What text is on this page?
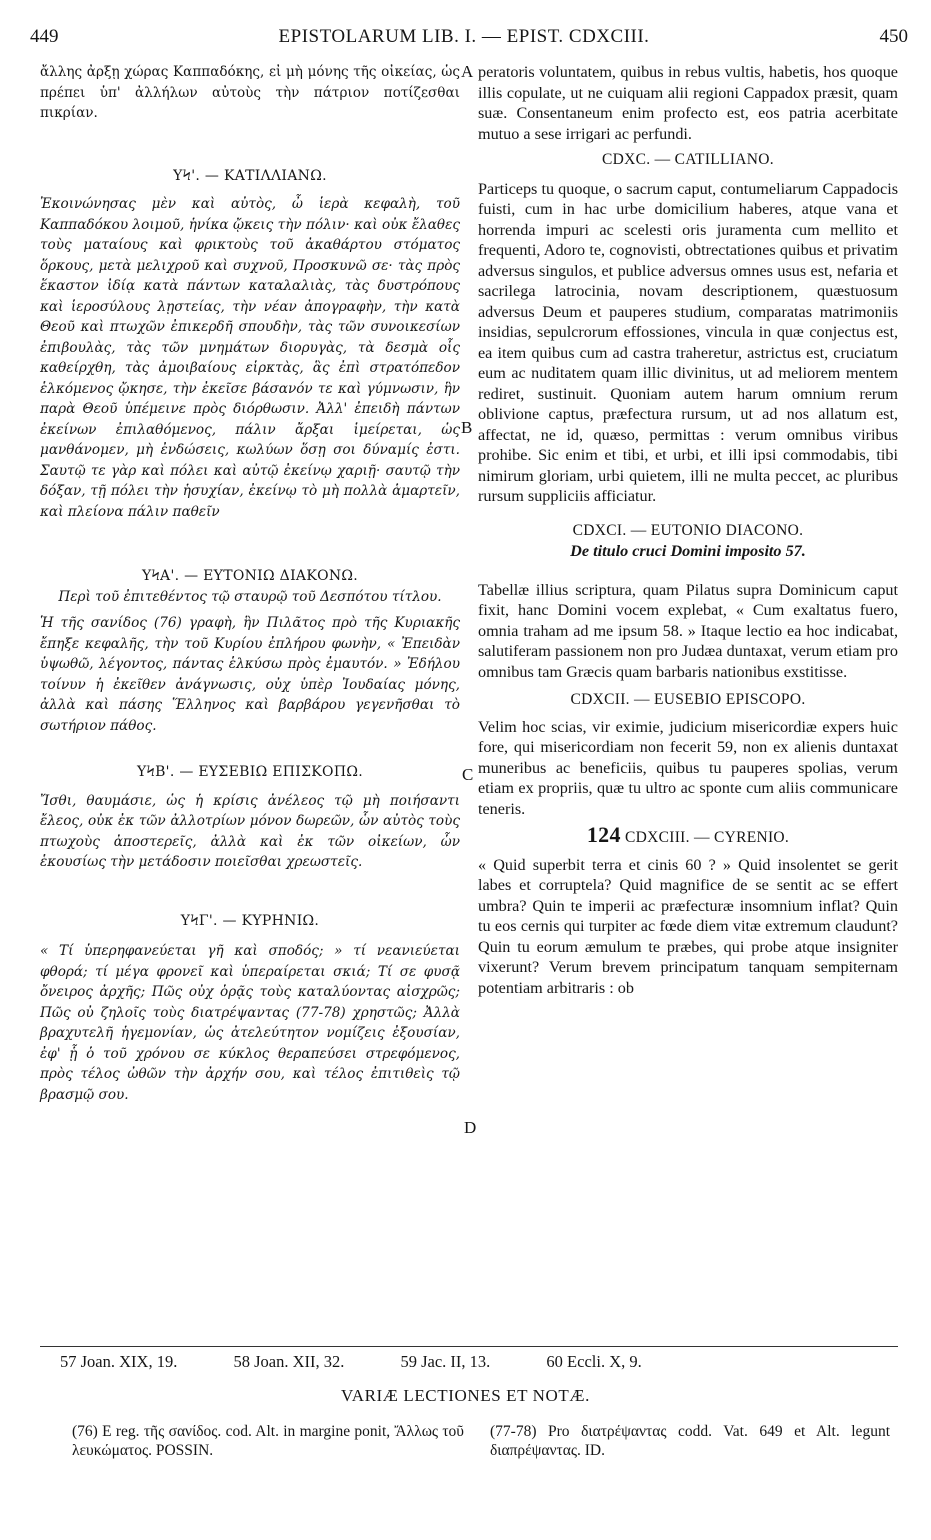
449	EPISTOLARUM LIB. I. — EPIST. CDXCIII.	450
A
B
C
D

ἄλλης ἀρξῃ χώρας Καππαδόκης, εἰ μὴ μόνης τῆς οἰκείας, ὡς πρέπει ὑπ' ἀλλήλων αὐτοὺς τὴν πάτριον ποτίζεσθαι πικρίαν.

ΥϞ'. — ΚΑΤΙΛΛΙΑΝΩ.

Ἐκοινώνησας μὲν καὶ αὐτὸς, ὦ ἱερὰ κεφαλὴ, τοῦ Καππαδόκου λοιμοῦ, ἡνίκα ᾤκεις τὴν πόλιν· καὶ οὐκ ἔλαθες τοὺς ματαίους καὶ φρικτοὺς τοῦ ἀκαθάρτου στόματος ὅρκους, μετὰ μελιχροῦ καὶ συχνοῦ, Προσκυνῶ σε· τὰς πρὸς ἕκαστον ἰδίᾳ κατὰ πάντων καταλαλιὰς, τὰς δυστρόπους καὶ ἱεροσύλους λῃστείας, τὴν νέαν ἀπογραφὴν, τὴν κατὰ Θεοῦ καὶ πτωχῶν ἐπικερδῆ σπουδὴν, τὰς τῶν συνοικεσίων ἐπιβουλὰς, τὰς τῶν μνημάτων διορυγὰς, τὰ δεσμὰ οἷς καθείρχθη, τὰς ἀμοιβαίους εἱρκτὰς, ἃς ἐπὶ στρατόπεδον ἑλκόμενος ᾤκησε, τὴν ἐκεῖσε βάσανόν τε καὶ γύμνωσιν, ἣν παρὰ Θεοῦ ὑπέμεινε πρὸς διόρθωσιν. Ἀλλ' ἐπειδὴ πάντων ἐκείνων ἐπιλαθόμενος, πάλιν ἄρξαι ἱμείρεται, ὡς μανθάνομεν, μὴ ἐνδώσεις, κωλύων ὅσῃ σοι δύναμίς ἐστι. Σαυτῷ τε γὰρ καὶ πόλει καὶ αὐτῷ ἐκείνῳ χαριῇ· σαυτῷ τὴν δόξαν, τῇ πόλει τὴν ἡσυχίαν, ἐκείνῳ τὸ μὴ πολλὰ ἁμαρτεῖν, καὶ πλείονα πάλιν παθεῖν

ΥϞΑ'. — ΕΥΤΟΝΙΩ ΔΙΑΚΟΝΩ.

Περὶ τοῦ ἐπιτεθέντος τῷ σταυρῷ τοῦ Δεσπότου τίτλου.

Ἡ τῆς σανίδος (76) γραφὴ, ἣν Πιλᾶτος πρὸ τῆς Κυριακῆς ἔπηξε κεφαλῆς, τὴν τοῦ Κυρίου ἐπλήρου φωνὴν, « Ἐπειδὰν ὑψωθῶ, λέγοντος, πάντας ἑλκύσω πρὸς ἐμαυτόν. » Ἐδήλου τοίνυν ἡ ἐκεῖθεν ἀνάγνωσις, οὐχ ὑπὲρ Ἰουδαίας μόνης, ἀλλὰ καὶ πάσης Ἕλληνος καὶ βαρβάρου γεγενῆσθαι τὸ σωτήριον πάθος.

ΥϞΒ'. — ΕΥΣΕΒΙΩ ΕΠΙΣΚΟΠΩ.

Ἴσθι, θαυμάσιε, ὡς ἡ κρίσις ἀνέλεος τῷ μὴ ποιήσαντι ἔλεος, οὐκ ἐκ τῶν ἀλλοτρίων μόνον δωρεῶν, ὧν αὐτὸς τοὺς πτωχοὺς ἀποστερεῖς, ἀλλὰ καὶ ἐκ τῶν οἰκείων, ὧν ἑκουσίως τὴν μετάδοσιν ποιεῖσθαι χρεωστεῖς.

ΥϞΓ'. — ΚΥΡΗΝΙΩ.

« Τί ὑπερηφανεύεται γῆ καὶ σποδός; » τί νεανιεύεται φθορά; τί μέγα φρονεῖ καὶ ὑπεραίρεται σκιά; Τί σε φυσᾷ ὄνειρος ἀρχῆς; Πῶς οὐχ ὁρᾷς τοὺς καταλύοντας αἰσχρῶς; Πῶς οὐ ζηλοῖς τοὺς διατρέψαντας (77-78) χρηστῶς; Ἀλλὰ βραχυτελῆ ἡγεμονίαν, ὡς ἀτελεύτητον νομίζεις ἐξουσίαν, ἐφ' ᾗ ὁ τοῦ χρόνου σε κύκλος θεραπεύσει στρεφόμενος, πρὸς τέλος ὠθῶν τὴν ἀρχήν σου, καὶ τέλος ἐπιτιθεὶς τῷ βρασμῷ σου.

peratoris voluntatem, quibus in rebus vultis, habetis, hos quoque illis copulate, ut ne cuiquam alii regioni Cappadox præsit, quam suæ. Consentaneum enim profecto est, eos patria acerbitate mutuo a sese irrigari ac perfundi.

CDXC. — CATILLIANO.

Particeps tu quoque, o sacrum caput, contumeliarum Cappadocis fuisti, cum in hac urbe domicilium haberes, atque vana et horrenda impuri ac scelesti oris juramenta cum mellito et frequenti, Adoro te, cognovisti, obtrectationes quibus et privatim adversus singulos, et publice adversus omnes usus est, nefaria et sacrilega latrocinia, novam descriptionem, quæstuosum adversus Deum et pauperes studium, comparatas matrimoniis insidias, sepulcrorum effossiones, vincula in quæ conjectus est, ea item quibus cum ad castra traheretur, astrictus est, cruciatum eum ac nuditatem quam illic divinitus, ut ad meliorem mentem rediret, sustinuit. Quoniam autem harum omnium rerum oblivione captus, præfectura rursum, ut ad nos allatum est, affectat, ne id, quæso, permittas : verum omnibus viribus prohibe. Sic enim et tibi, et urbi, et illi ipsi commodabis, tibi nimirum gloriam, urbi quietem, illi ne multa peccet, ac pluribus rursum suppliciis afficiatur.

CDXCI. — EUTONIO DIACONO.

De titulo cruci Domini imposito 57.

Tabellæ illius scriptura, quam Pilatus supra Dominicum caput fixit, hanc Domini vocem explebat, « Cum exaltatus fuero, omnia traham ad me ipsum 58. » Itaque lectio ea hoc indicabat, salutiferam passionem non pro Judæa duntaxat, verum etiam pro omnibus tam Græcis quam barbaris nationibus exstitisse.

CDXCII. — EUSEBIO EPISCOPO.

Velim hoc scias, vir eximie, judicium misericordiæ expers huic fore, qui misericordiam non fecerit 59, non ex alienis duntaxat muneribus ac beneficiis, quibus tu pauperes spolias, verum etiam ex propriis, quæ tu ultro ac sponte cum aliis communicare teneris.

124 CDXCIII. — CYRENIO.

« Quid superbit terra et cinis 60 ? » Quid insolentet se gerit labes et corruptela? Quid magnifice de se sentit ac se effert umbra? Quin te imperii ac præfecturæ insomnium inflat? Quin tu eos cernis qui turpiter ac fœde diem vitæ extremum claudunt? Quin tu eorum æmulum te præbes, qui probe atque insigniter vixerunt? Verum brevem principatum tanquam sempiternam potentiam arbitraris : ob

57 Joan. XIX, 19.	58 Joan. XII, 32.	59 Jac. II, 13.	60 Eccli. X, 9.
VARIÆ LECTIONES ET NOTÆ.

(76) E reg. τῆς σανίδος. cod. Alt. in margine ponit, Ἄλλως τοῦ λευκώματος. POSSIN.

(77-78) Pro διατρέψαντας codd. Vat. 649 et Alt. legunt διαπρέψαντας. ID.
